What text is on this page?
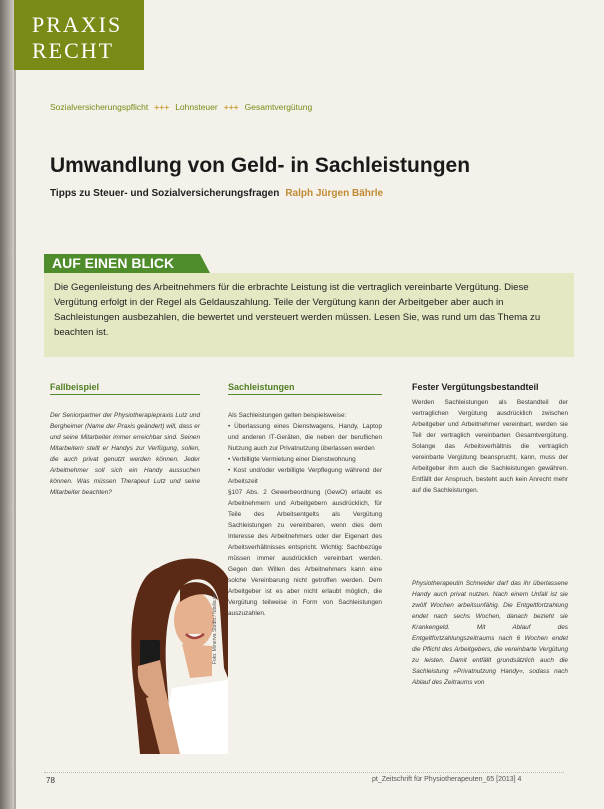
PRAXIS
RECHT
Sozialversicherungspflicht +++ Lohnsteuer +++ Gesamtvergütung
Umwandlung von Geld- in Sachleistungen
Tipps zu Steuer- und Sozialversicherungsfragen Ralph Jürgen Bährle
AUF EINEN BLICK
Die Gegenleistung des Arbeitnehmers für die erbrachte Leistung ist die vertraglich vereinbarte Vergütung. Diese Vergütung erfolgt in der Regel als Geldauszahlung. Teile der Vergütung kann der Arbeitgeber aber auch in Sachleistungen ausbezahlen, die bewertet und versteuert werden müssen. Lesen Sie, was rund um das Thema zu beachten ist.
Fallbeispiel
Der Seniorpartner der Physiotherapiepraxis Lutz und Bergheimer (Name der Praxis geändert) will, dass er und seine Mitarbeiter immer erreichbar sind. Seinen Mitarbeitern stellt er Handys zur Verfügung, sollen, die auch privat genutzt werden können. Jeder Arbeitnehmer soll sich ein Handy aussuchen können. Was müssen Therapeut Lutz und seine Mitarbeiter beachten?
Sachleistungen
Als Sachleistungen gelten beispielsweise:
• Überlassung eines Dienstwagens, Handy, Laptop und anderen IT-Geräten, die neben der beruflichen Nutzung auch zur Privatnutzung überlassen werden
• Verbilligte Vermietung einer Dienstwohnung
• Kost und/oder verbilligte Verpflegung während der Arbeitszeit
§107 Abs. 2 Gewerbeordnung (GewO) erlaubt es Arbeitnehmern und Arbeitgebern ausdrücklich, für Teile des Arbeitsentgelts als Vergütung Sachleistungen zu vereinbaren, wenn dies dem Interesse des Arbeitnehmers oder der Eigenart des Arbeitsverhältnisses entspricht. Wichtig: Sachbezüge müssen immer ausdrücklich vereinbart werden. Gegen den Willen des Arbeitnehmers kann eine solche Vereinbarung nicht getroffen werden. Dem Arbeitgeber ist es aber nicht erlaubt möglich, die Vergütung teilweise in Form von Sachleistungen auszuzahlen.
Fester Vergütungsbestandteil
Werden Sachleistungen als Bestandteil der vertraglichen Vergütung ausdrücklich zwischen Arbeitgeber und Arbeitnehmer vereinbart, werden sie Teil der vertraglich vereinbarten Gesamtvergütung. Solange das Arbeitsverhältnis die vertraglich vereinbarte Vergütung beansprucht, kann, muss der Arbeitgeber ihm auch die Sachleistungen gewähren. Entfällt der Anspruch, besteht auch kein Anrecht mehr auf die Sachleistungen.
Physiotherapeutin Schneider darf das ihr überlassene Handy auch privat nutzen. Nach einem Unfall ist sie zwölf Wochen arbeitsunfähig. Die Entgeltfortzahlung endet nach sechs Wochen, danach bezieht sie Krankengeld. Mit Ablauf des Entgeltfortzahlungszeitraums nach 6 Wochen endet die Pflicht des Arbeitgebers, die vereinbarte Vergütung zu leisten. Damit entfällt grundsätzlich auch die Sachleistung »Privatnutzung Handy«, sodass nach Ablauf des Zeitraums von
Foto: Minerva Studio / fotolia.de
78	pt_Zeitschrift für Physiotherapeuten_65 [2013] 4
